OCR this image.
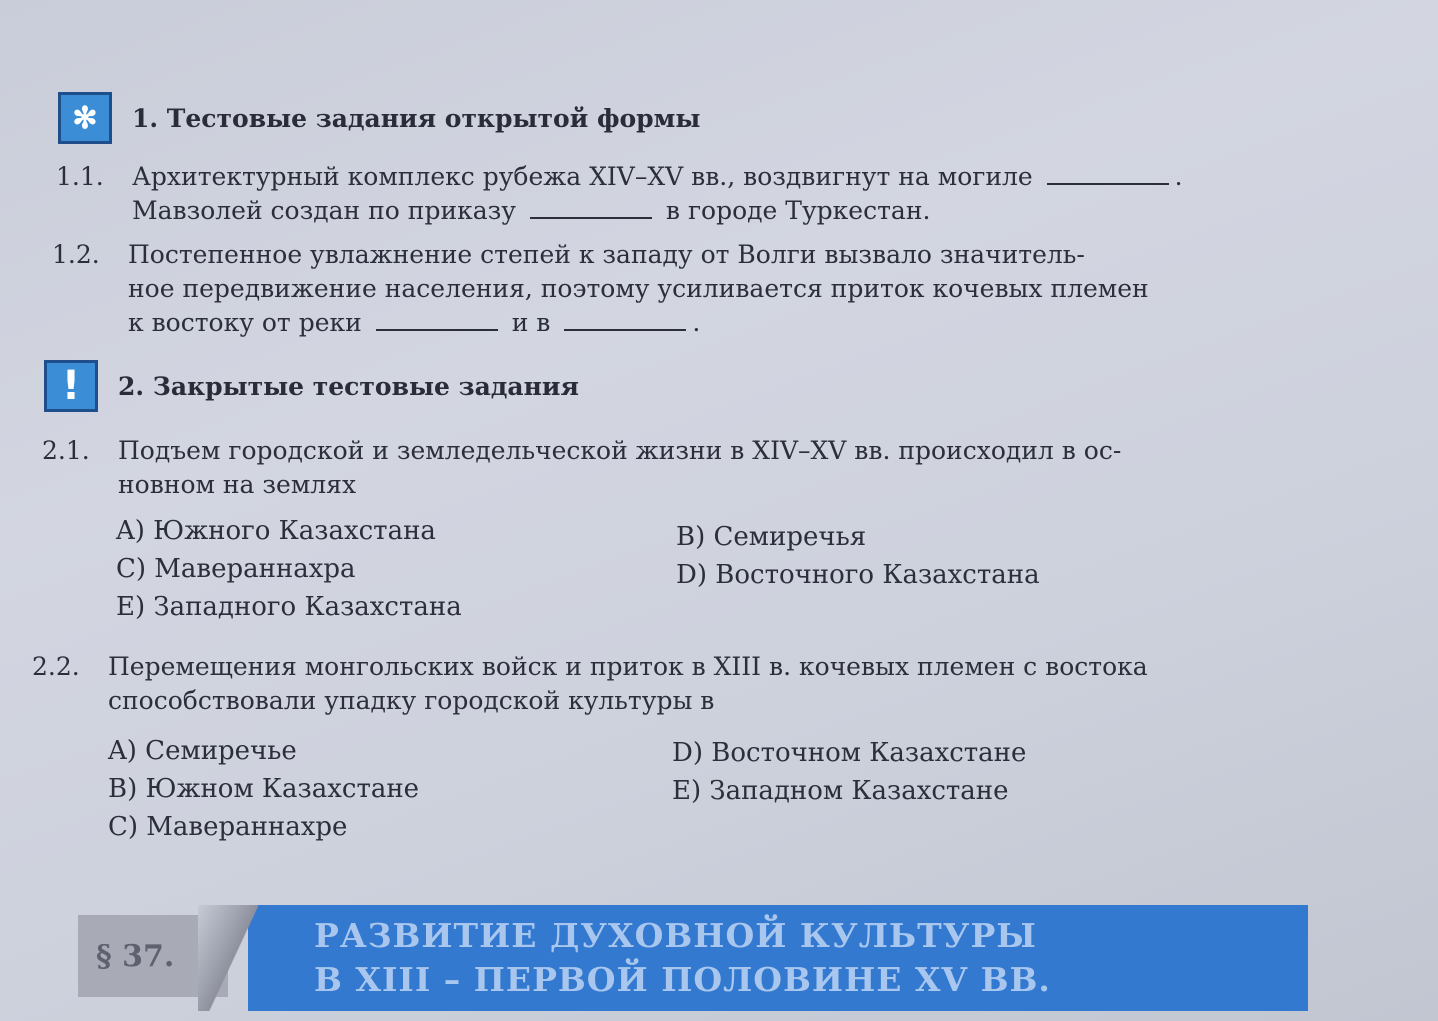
✻	1. Тестовые задания открытой формы
1.1. Архитектурный комплекс рубежа XIV–XV вв., воздвигнут на могиле	.
Мавзолей создан по приказу	в городе Туркестан.
1.2. Постепенное увлажнение степей к западу от Волги вызвало значитель-
ное передвижение населения, поэтому усиливается приток кочевых племен
к востоку от реки	и в	.
!	2. Закрытые тестовые задания
2.1. Подъем городской и земледельческой жизни в XIV–XV вв. происходил в ос-
новном на землях
A) Южного Казахстана
C) Мавераннахра
E) Западного Казахстана
B) Семиречья
D) Восточного Казахстана
2.2. Перемещения монгольских войск и приток в XIII в. кочевых племен с востока
способствовали упадку городской культуры в
A) Семиречье
B) Южном Казахстане
C) Мавераннахре
D) Восточном Казахстане
E) Западном Казахстане
§ 37.
РАЗВИТИЕ ДУХОВНОЙ КУЛЬТУРЫ
В XIII – ПЕРВОЙ ПОЛОВИНЕ XV ВВ.
